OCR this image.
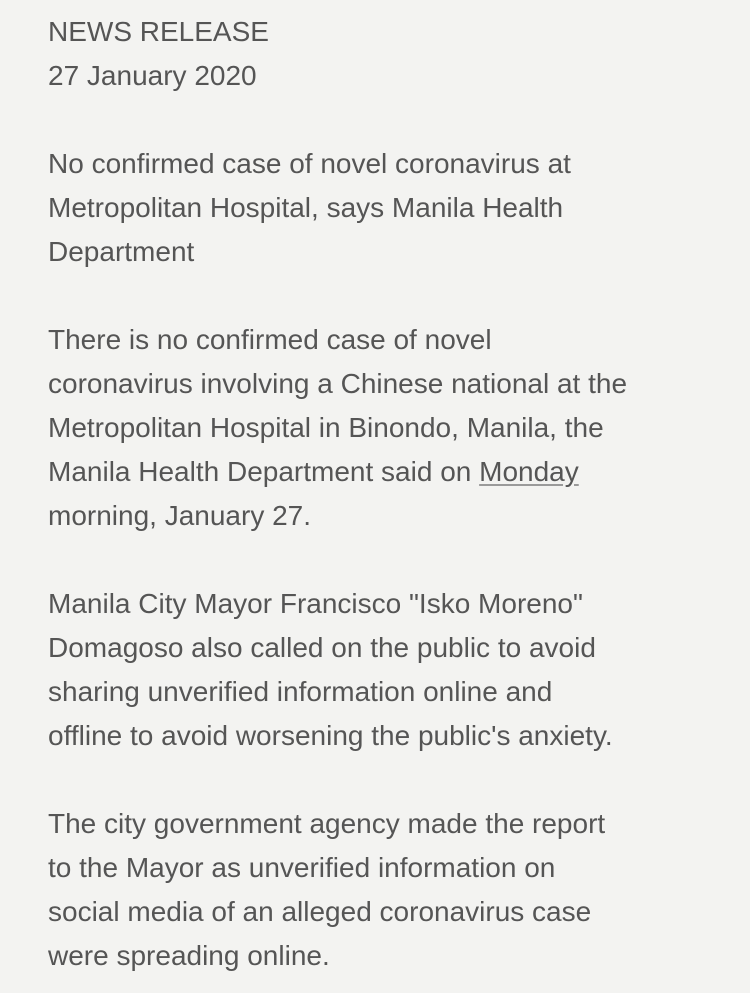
NEWS RELEASE
27 January 2020
No confirmed case of novel coronavirus at
Metropolitan Hospital, says Manila Health
Department
There is no confirmed case of novel
coronavirus involving a Chinese national at the
Metropolitan Hospital in Binondo, Manila, the
Manila Health Department said on Monday
morning, January 27.
Manila City Mayor Francisco "Isko Moreno"
Domagoso also called on the public to avoid
sharing unverified information online and
offline to avoid worsening the public's anxiety.
The city government agency made the report
to the Mayor as unverified information on
social media of an alleged coronavirus case
were spreading online.
